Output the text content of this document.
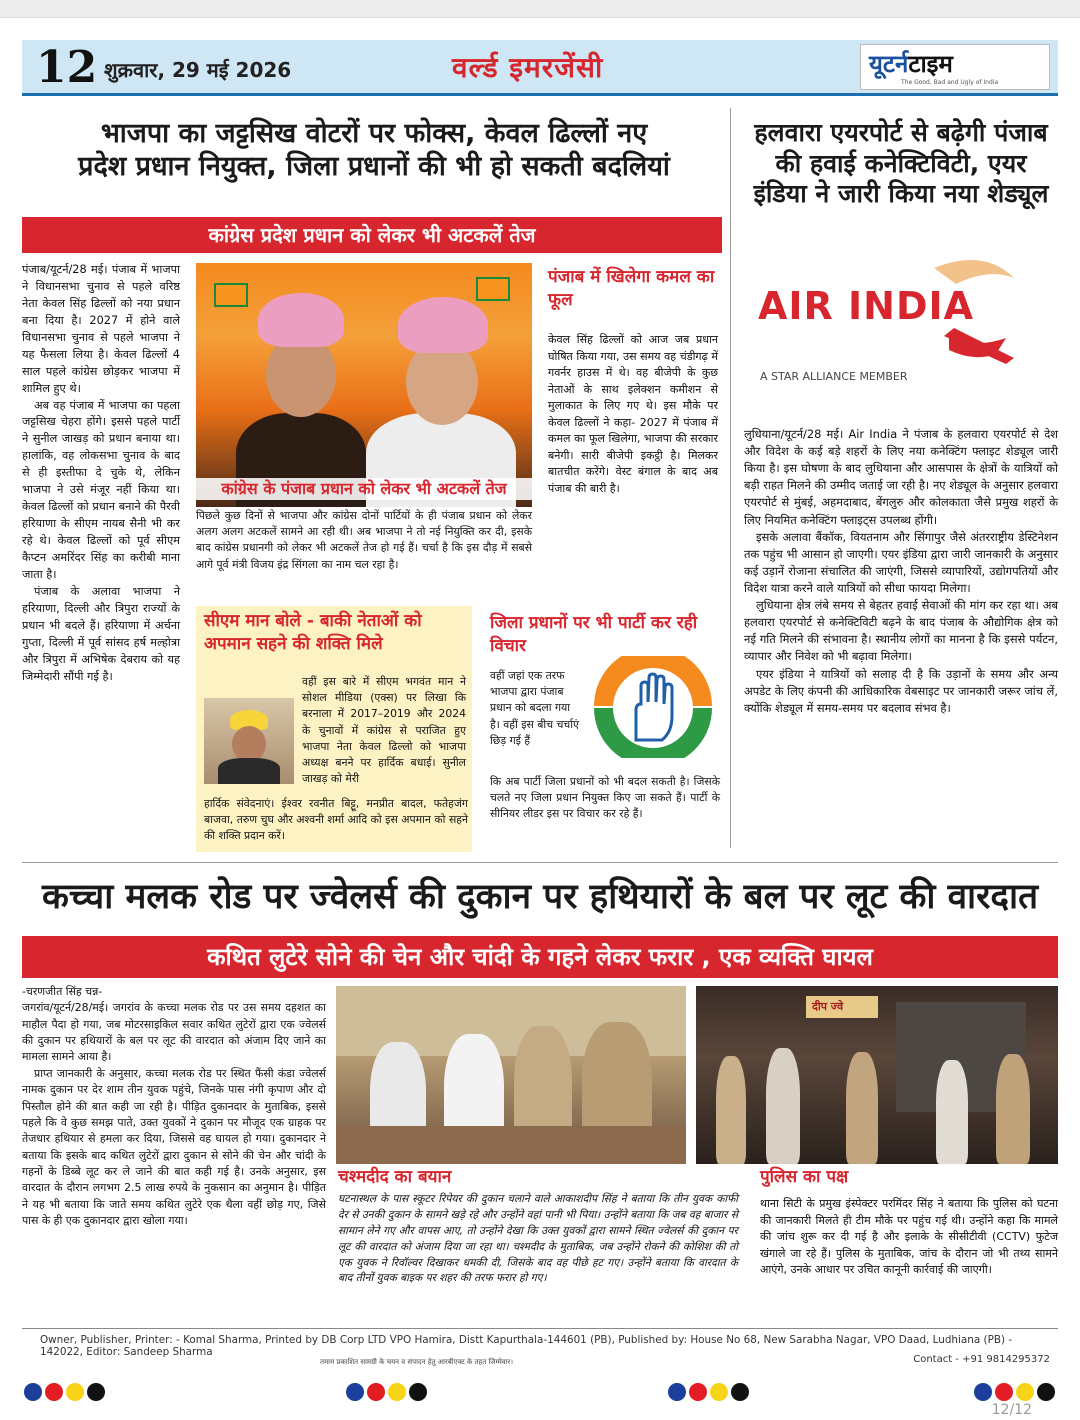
12 शुक्रवार, 29 मई 2026	वर्ल्ड इमरजेंसी	यूटर्नटाइम
The Good, Bad and Ugly of India
भाजपा का जट्टसिख वोटरों पर फोक्स, केवल ढिल्लों नए
प्रदेश प्रधान नियुक्त, जिला प्रधानों की भी हो सकती बदलियां
कांग्रेस प्रदेश प्रधान को लेकर भी अटकलें तेज

पंजाब/यूटर्न/28 मई। पंजाब में भाजपा ने विधानसभा चुनाव से पहले वरिष्ठ नेता केवल सिंह ढिल्लों को नया प्रधान बना दिया है। 2027 में होने वाले विधानसभा चुनाव से पहले भाजपा ने यह फैसला लिया है। केवल ढिल्लों 4 साल पहले कांग्रेस छोड़कर भाजपा में शामिल हुए थे।

अब वह पंजाब में भाजपा का पहला जट्टसिख चेहरा होंगे। इससे पहले पार्टी ने सुनील जाखड़ को प्रधान बनाया था। हालांकि, वह लोकसभा चुनाव के बाद से ही इस्तीफा दे चुके थे, लेकिन भाजपा ने उसे मंजूर नहीं किया था। केवल ढिल्लों को प्रधान बनाने की पैरवी हरियाणा के सीएम नायब सैनी भी कर रहे थे। केवल ढिल्लों को पूर्व सीएम कैप्टन अमरिंदर सिंह का करीबी माना जाता है।

पंजाब के अलावा भाजपा ने हरियाणा, दिल्ली और त्रिपुरा राज्यों के प्रधान भी बदले हैं। हरियाणा में अर्चना गुप्ता, दिल्ली में पूर्व सांसद हर्ष मल्होत्रा और त्रिपुरा में अभिषेक देबराय को यह जिम्मेदारी सौंपी गई है।

कांग्रेस के पंजाब प्रधान को लेकर भी अटकलें तेज
पिछले कुछ दिनों से भाजपा और कांग्रेस दोनों पार्टियों के ही पंजाब प्रधान को लेकर अलग अलग अटकलें सामने आ रही थी। अब भाजपा ने तो नई नियुक्ति कर दी, इसके बाद कांग्रेस प्रधानगी को लेकर भी अटकलें तेज हो गई हैं। चर्चा है कि इस दौड़ में सबसे आगे पूर्व मंत्री विजय इंद्र सिंगला का नाम चल रहा है।
पंजाब में खिलेगा कमल का फूल
केवल सिंह ढिल्लों को आज जब प्रधान घोषित किया गया, उस समय वह चंडीगढ़ में गवर्नर हाउस में थे। वह बीजेपी के कुछ नेताओं के साथ इलेक्शन कमीशन से मुलाकात के लिए गए थे। इस मौके पर केवल ढिल्लों ने कहा- 2027 में पंजाब में कमल का फूल खिलेगा, भाजपा की सरकार बनेगी। सारी बीजेपी इकट्ठी है। मिलकर बातचीत करेंगे। वेस्ट बंगाल के बाद अब पंजाब की बारी है।
सीएम मान बोले - बाकी नेताओं को अपमान सहने की शक्ति मिले
वहीं इस बारे में सीएम भगवंत मान ने सोशल मीडिया (एक्स) पर लिखा कि बरनाला में 2017–2019 और 2024 के चुनावों में कांग्रेस से पराजित हुए भाजपा नेता केवल ढिल्लो को भाजपा अध्यक्ष बनने पर हार्दिक बधाई। सुनील जाखड़ को मेरी
हार्दिक संवेदनाएं। ईश्वर रवनीत बिट्टू, मनप्रीत बादल, फतेहजंग बाजवा, तरुण चुघ और अश्वनी शर्मा आदि को इस अपमान को सहने की शक्ति प्रदान करें।
जिला प्रधानों पर भी पार्टी कर रही विचार
वहीं जहां एक तरफ भाजपा द्वारा पंजाब प्रधान को बदला गया है। वहीं इस बीच चर्चाएं छिड़ गई हैं
कि अब पार्टी जिला प्रधानों को भी बदल सकती है। जिसके चलते नए जिला प्रधान नियुक्त किए जा सकते हैं। पार्टी के सीनियर लीडर इस पर विचार कर रहे हैं।
हलवारा एयरपोर्ट से बढ़ेगी पंजाब
की हवाई कनेक्टिविटी, एयर
इंडिया ने जारी किया नया शेड्यूल
AIR INDIA
A STAR ALLIANCE MEMBER

लुधियाना/यूटर्न/28 मई। Air India ने पंजाब के हलवारा एयरपोर्ट से देश और विदेश के कई बड़े शहरों के लिए नया कनेक्टिंग फ्लाइट शेड्यूल जारी किया है। इस घोषणा के बाद लुधियाना और आसपास के क्षेत्रों के यात्रियों को बड़ी राहत मिलने की उम्मीद जताई जा रही है। नए शेड्यूल के अनुसार हलवारा एयरपोर्ट से मुंबई, अहमदाबाद, बेंगलुरु और कोलकाता जैसे प्रमुख शहरों के लिए नियमित कनेक्टिंग फ्लाइट्स उपलब्ध होंगी।

इसके अलावा बैंकॉक, वियतनाम और सिंगापुर जैसे अंतरराष्ट्रीय डेस्टिनेशन तक पहुंच भी आसान हो जाएगी। एयर इंडिया द्वारा जारी जानकारी के अनुसार कई उड़ानें रोजाना संचालित की जाएंगी, जिससे व्यापारियों, उद्योगपतियों और विदेश यात्रा करने वाले यात्रियों को सीधा फायदा मिलेगा।

लुधियाना क्षेत्र लंबे समय से बेहतर हवाई सेवाओं की मांग कर रहा था। अब हलवारा एयरपोर्ट से कनेक्टिविटी बढ़ने के बाद पंजाब के औद्योगिक क्षेत्र को नई गति मिलने की संभावना है। स्थानीय लोगों का मानना है कि इससे पर्यटन, व्यापार और निवेश को भी बढ़ावा मिलेगा।

एयर इंडिया ने यात्रियों को सलाह दी है कि उड़ानों के समय और अन्य अपडेट के लिए कंपनी की आधिकारिक वेबसाइट पर जानकारी जरूर जांच लें, क्योंकि शेड्यूल में समय-समय पर बदलाव संभव है।

कच्चा मलक रोड पर ज्वेलर्स की दुकान पर हथियारों के बल पर लूट की वारदात
कथित लुटेरे सोने की चेन और चांदी के गहने लेकर फरार , एक व्यक्ति घायल

-चरणजीत सिंह चन्न-

जगरांव/यूटर्न/28/मई। जगरांव के कच्चा मलक रोड पर उस समय दहशत का माहौल पैदा हो गया, जब मोटरसाइकिल सवार कथित लुटेरों द्वारा एक ज्वेलर्स की दुकान पर हथियारों के बल पर लूट की वारदात को अंजाम दिए जाने का मामला सामने आया है।

प्राप्त जानकारी के अनुसार, कच्चा मलक रोड पर स्थित फैंसी कंडा ज्वेलर्स नामक दुकान पर देर शाम तीन युवक पहुंचे, जिनके पास नंगी कृपाण और दो पिस्तौल होने की बात कही जा रही है। पीड़ित दुकानदार के मुताबिक, इससे पहले कि वे कुछ समझ पाते, उक्त युवकों ने दुकान पर मौजूद एक ग्राहक पर तेजधार हथियार से हमला कर दिया, जिससे वह घायल हो गया। दुकानदार ने बताया कि इसके बाद कथित लुटेरों द्वारा दुकान से सोने की चेन और चांदी के गहनों के डिब्बे लूट कर ले जाने की बात कही गई है। उनके अनुसार, इस वारदात के दौरान लगभग 2.5 लाख रुपये के नुकसान का अनुमान है। पीड़ित ने यह भी बताया कि जाते समय कथित लुटेरे एक थैला वहीं छोड़ गए, जिसे पास के ही एक दुकानदार द्वारा खोला गया।

दीप ज्वे
चश्मदीद का बयान
घटनास्थल के पास स्कूटर रिपेयर की दुकान चलाने वाले आकाशदीप सिंह ने बताया कि तीन युवक काफी देर से उनकी दुकान के सामने खड़े रहे और उन्होंने वहां पानी भी पिया। उन्होंने बताया कि जब वह बाजार से सामान लेने गए और वापस आए, तो उन्होंने देखा कि उक्त युवकों द्वारा सामने स्थित ज्वेलर्स की दुकान पर लूट की वारदात को अंजाम दिया जा रहा था। चश्मदीद के मुताबिक, जब उन्होंने रोकने की कोशिश की तो एक युवक ने रिवॉल्वर दिखाकर धमकी दी, जिसके बाद वह पीछे हट गए। उन्होंने बताया कि वारदात के बाद तीनों युवक बाइक पर शहर की तरफ फरार हो गए।
पुलिस का पक्ष
थाना सिटी के प्रमुख इंस्पेक्टर परमिंदर सिंह ने बताया कि पुलिस को घटना की जानकारी मिलते ही टीम मौके पर पहुंच गई थी। उन्होंने कहा कि मामले की जांच शुरू कर दी गई है और इलाके के सीसीटीवी (CCTV) फुटेज खंगाले जा रहे हैं। पुलिस के मुताबिक, जांच के दौरान जो भी तथ्य सामने आएंगे, उनके आधार पर उचित कानूनी कार्रवाई की जाएगी।
Owner, Publisher, Printer: - Komal Sharma, Printed by DB Corp LTD VPO Hamira, Distt Kapurthala-144601 (PB), Published by: House No 68, New Sarabha Nagar, VPO Daad, Ludhiana (PB) - 142022, Editor: Sandeep Sharma
तमाम प्रकाशित सामग्री के चयन व संपादन हेतु आरबीएक्ट के तहत जिम्मेवार।	Contact - +91 9814295372
12/12
